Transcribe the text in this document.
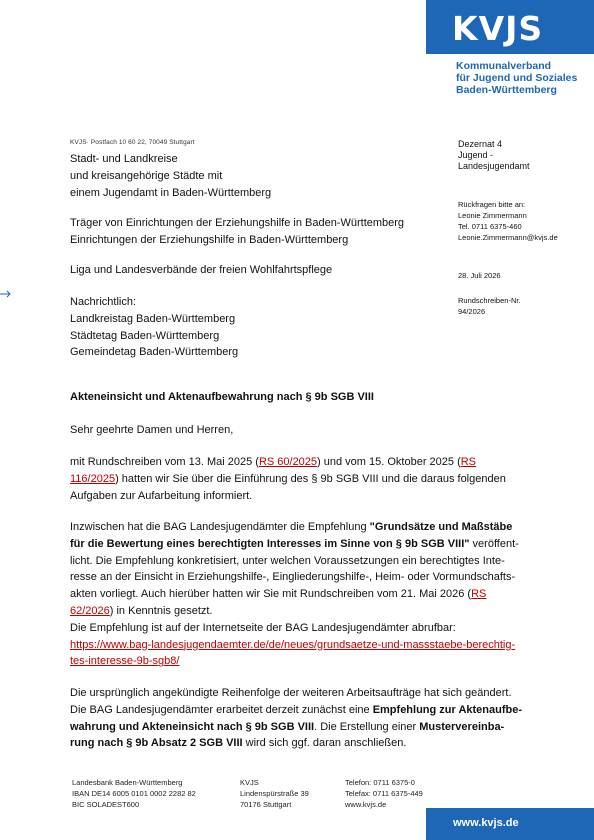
KVJS
Kommunalverband
für Jugend und Soziales
Baden-Württemberg
KVJS· Postfach 10 60 22, 70049 Stuttgart
Stadt- und Landkreise
und kreisangehörige Städte mit
einem Jugendamt in Baden-Württemberg
Träger von Einrichtungen der Erziehungshilfe in Baden-Württemberg
Einrichtungen der Erziehungshilfe in Baden-Württemberg
Liga und Landesverbände der freien Wohlfahrtspflege
Nachrichtlich:
Landkreistag Baden-Württemberg
Städtetag Baden-Württemberg
Gemeindetag Baden-Württemberg
Dezernat 4
Jugend -
Landesjugendamt
Rückfragen bitte an:
Leonie Zimmermann
Tel. 0711 6375-460
Leonie.Zimmermann@kvjs.de
28. Juli 2026
Rundschreiben-Nr.
94/2026
Akteneinsicht und Aktenaufbewahrung nach § 9b SGB VIII
Sehr geehrte Damen und Herren,

mit Rundschreiben vom 13. Mai 2025 (RS 60/2025) und vom 15. Oktober 2025 (RS

116/2025) hatten wir Sie über die Einführung des § 9b SGB VIII und die daraus folgenden

Aufgaben zur Aufarbeitung informiert.

Inzwischen hat die BAG Landesjugendämter die Empfehlung "Grundsätze und Maßstäbe

für die Bewertung eines berechtigten Interesses im Sinne von § 9b SGB VIII" veröffent-

licht. Die Empfehlung konkretisiert, unter welchen Voraussetzungen ein berechtigtes Inte-

resse an der Einsicht in Erziehungshilfe-, Eingliederungshilfe-, Heim- oder Vormundschafts-

akten vorliegt. Auch hierüber hatten wir Sie mit Rundschreiben vom 21. Mai 2026 (RS

62/2026) in Kenntnis gesetzt.

Die Empfehlung ist auf der Internetseite der BAG Landesjugendämter abrufbar:

https://www.bag-landesjugendaemter.de/de/neues/grundsaetze-und-massstaebe-berechtig-

tes-interesse-9b-sgb8/

Die ursprünglich angekündigte Reihenfolge der weiteren Arbeitsaufträge hat sich geändert.

Die BAG Landesjugendämter erarbeitet derzeit zunächst eine Empfehlung zur Aktenaufbe-

wahrung und Akteneinsicht nach § 9b SGB VIII. Die Erstellung einer Mustervereinba-

rung nach § 9b Absatz 2 SGB VIII wird sich ggf. daran anschließen.

Landesbank Baden-Württemberg
IBAN DE14 6005 0101 0002 2282 82
BIC SOLADEST600
KVJS
Lindenspürstraße 39
70176 Stuttgart
Telefon: 0711 6375-0
Telefax: 0711 6375-449
www.kvjs.de
www.kvjs.de
